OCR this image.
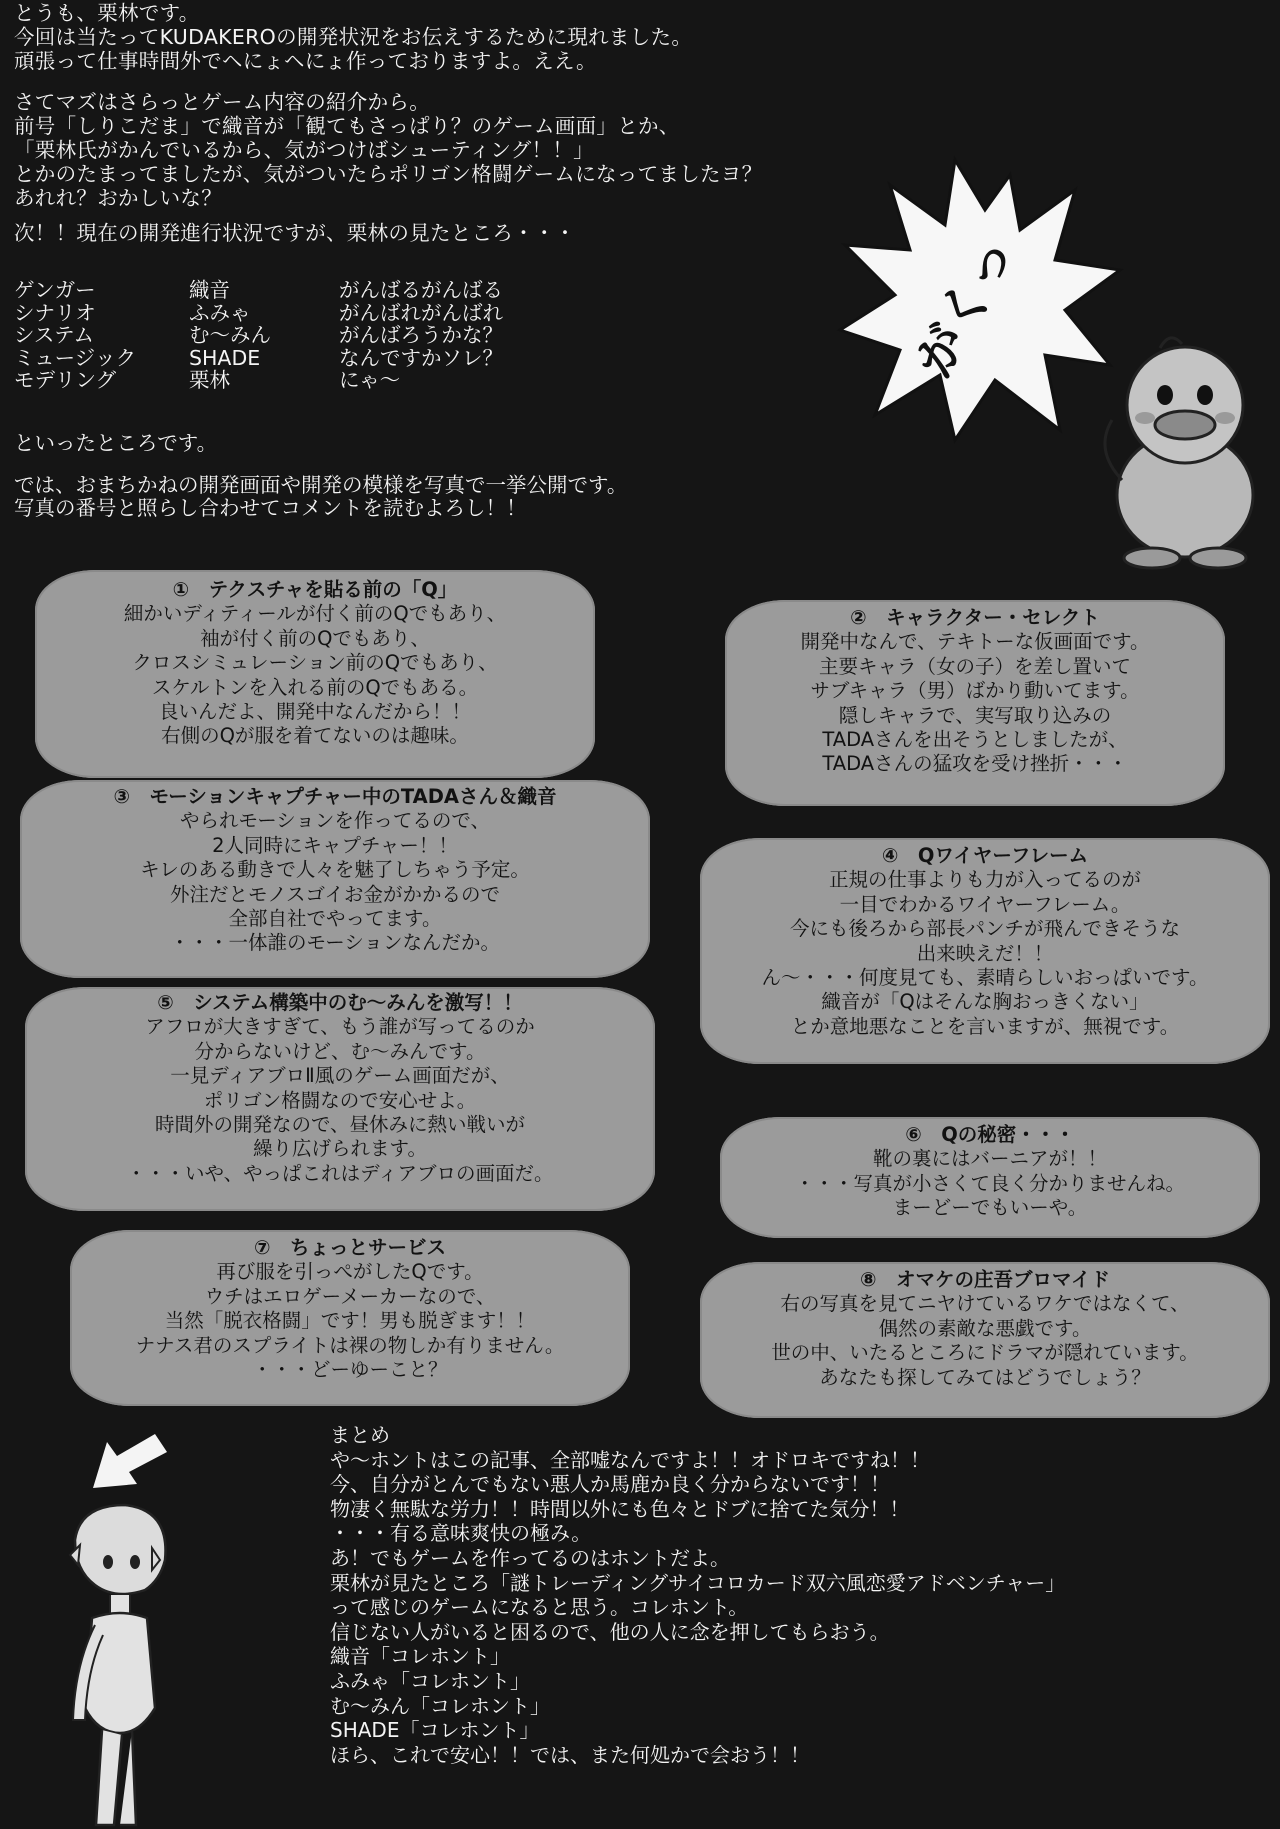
とうも、栗林です。

今回は当たってKUDAKEROの開発状況をお伝えするために現れました。

頑張って仕事時間外でヘにょヘにょ作っておりますよ。ええ。

さてマズはさらっとゲーム内容の紹介から。

前号「しりこだま」で織音が「観てもさっぱり？のゲーム画面」とか、

「栗林氏がかんでいるから、気がつけばシューティング！！」

とかのたまってましたが、気がついたらポリゴン格闘ゲームになってましたヨ？

あれれ？おかしいな？

次！！現在の開発進行状況ですが、栗林の見たところ・・・

ゲンガー	織音	がんばるがんばる
シナリオ	ふみゃ	がんばれがんばれ
システム	む～みん	がんばろうかな？
ミュージック	SHADE	なんですかソレ？
モデリング	栗林	にゃ～

といったところです。

では、おまちかねの開発画面や開発の模様を写真で一挙公開です。

写真の番号と照らし合わせてコメントを読むよろし！！

がくっ
①　テクスチャを貼る前の「Q」
細かいディティールが付く前のQでもあり、
袖が付く前のQでもあり、
クロスシミュレーション前のQでもあり、
スケルトンを入れる前のQでもある。
良いんだよ、開発中なんだから！！
右側のQが服を着てないのは趣味。
②　キャラクター・セレクト
開発中なんで、テキトーな仮画面です。
主要キャラ（女の子）を差し置いて
サブキャラ（男）ばかり動いてます。
隠しキャラで、実写取り込みの
TADAさんを出そうとしましたが、
TADAさんの猛攻を受け挫折・・・
③　モーションキャプチャー中のTADAさん＆織音
やられモーションを作ってるので、
2人同時にキャプチャー！！
キレのある動きで人々を魅了しちゃう予定。
外注だとモノスゴイお金がかかるので
全部自社でやってます。
・・・一体誰のモーションなんだか。
④　Qワイヤーフレーム
正規の仕事よりも力が入ってるのが
一目でわかるワイヤーフレーム。
今にも後ろから部長パンチが飛んできそうな
出来映えだ！！
ん～・・・何度見ても、素晴らしいおっぱいです。
織音が「Qはそんな胸おっきくない」
とか意地悪なことを言いますが、無視です。
⑤　システム構築中のむ～みんを激写！！
アフロが大きすぎて、もう誰が写ってるのか
分からないけど、む～みんです。
一見ディアブロⅡ風のゲーム画面だが、
ポリゴン格闘なので安心せよ。
時間外の開発なので、昼休みに熱い戦いが
繰り広げられます。
・・・いや、やっぱこれはディアブロの画面だ。
⑥　Qの秘密・・・
靴の裏にはバーニアが！！
・・・写真が小さくて良く分かりませんね。
まーどーでもいーや。
⑦　ちょっとサービス
再び服を引っぺがしたQです。
ウチはエロゲーメーカーなので、
当然「脱衣格闘」です！男も脱ぎます！！
ナナス君のスプライトは裸の物しか有りません。
・・・どーゆーこと？
⑧　オマケの庄吾ブロマイド
右の写真を見てニヤけているワケではなくて、
偶然の素敵な悪戯です。
世の中、いたるところにドラマが隠れています。
あなたも探してみてはどうでしょう？

まとめ

や～ホントはこの記事、全部嘘なんですよ！！オドロキですね！！

今、自分がとんでもない悪人か馬鹿か良く分からないです！！

物凄く無駄な労力！！時間以外にも色々とドブに捨てた気分！！

・・・有る意味爽快の極み。

あ！でもゲームを作ってるのはホントだよ。

栗林が見たところ「謎トレーディングサイコロカード双六風恋愛アドベンチャー」

って感じのゲームになると思う。コレホント。

信じない人がいると困るので、他の人に念を押してもらおう。

織音「コレホント」

ふみゃ「コレホント」

む～みん「コレホント」

SHADE「コレホント」

ほら、これで安心！！では、また何処かで会おう！！
